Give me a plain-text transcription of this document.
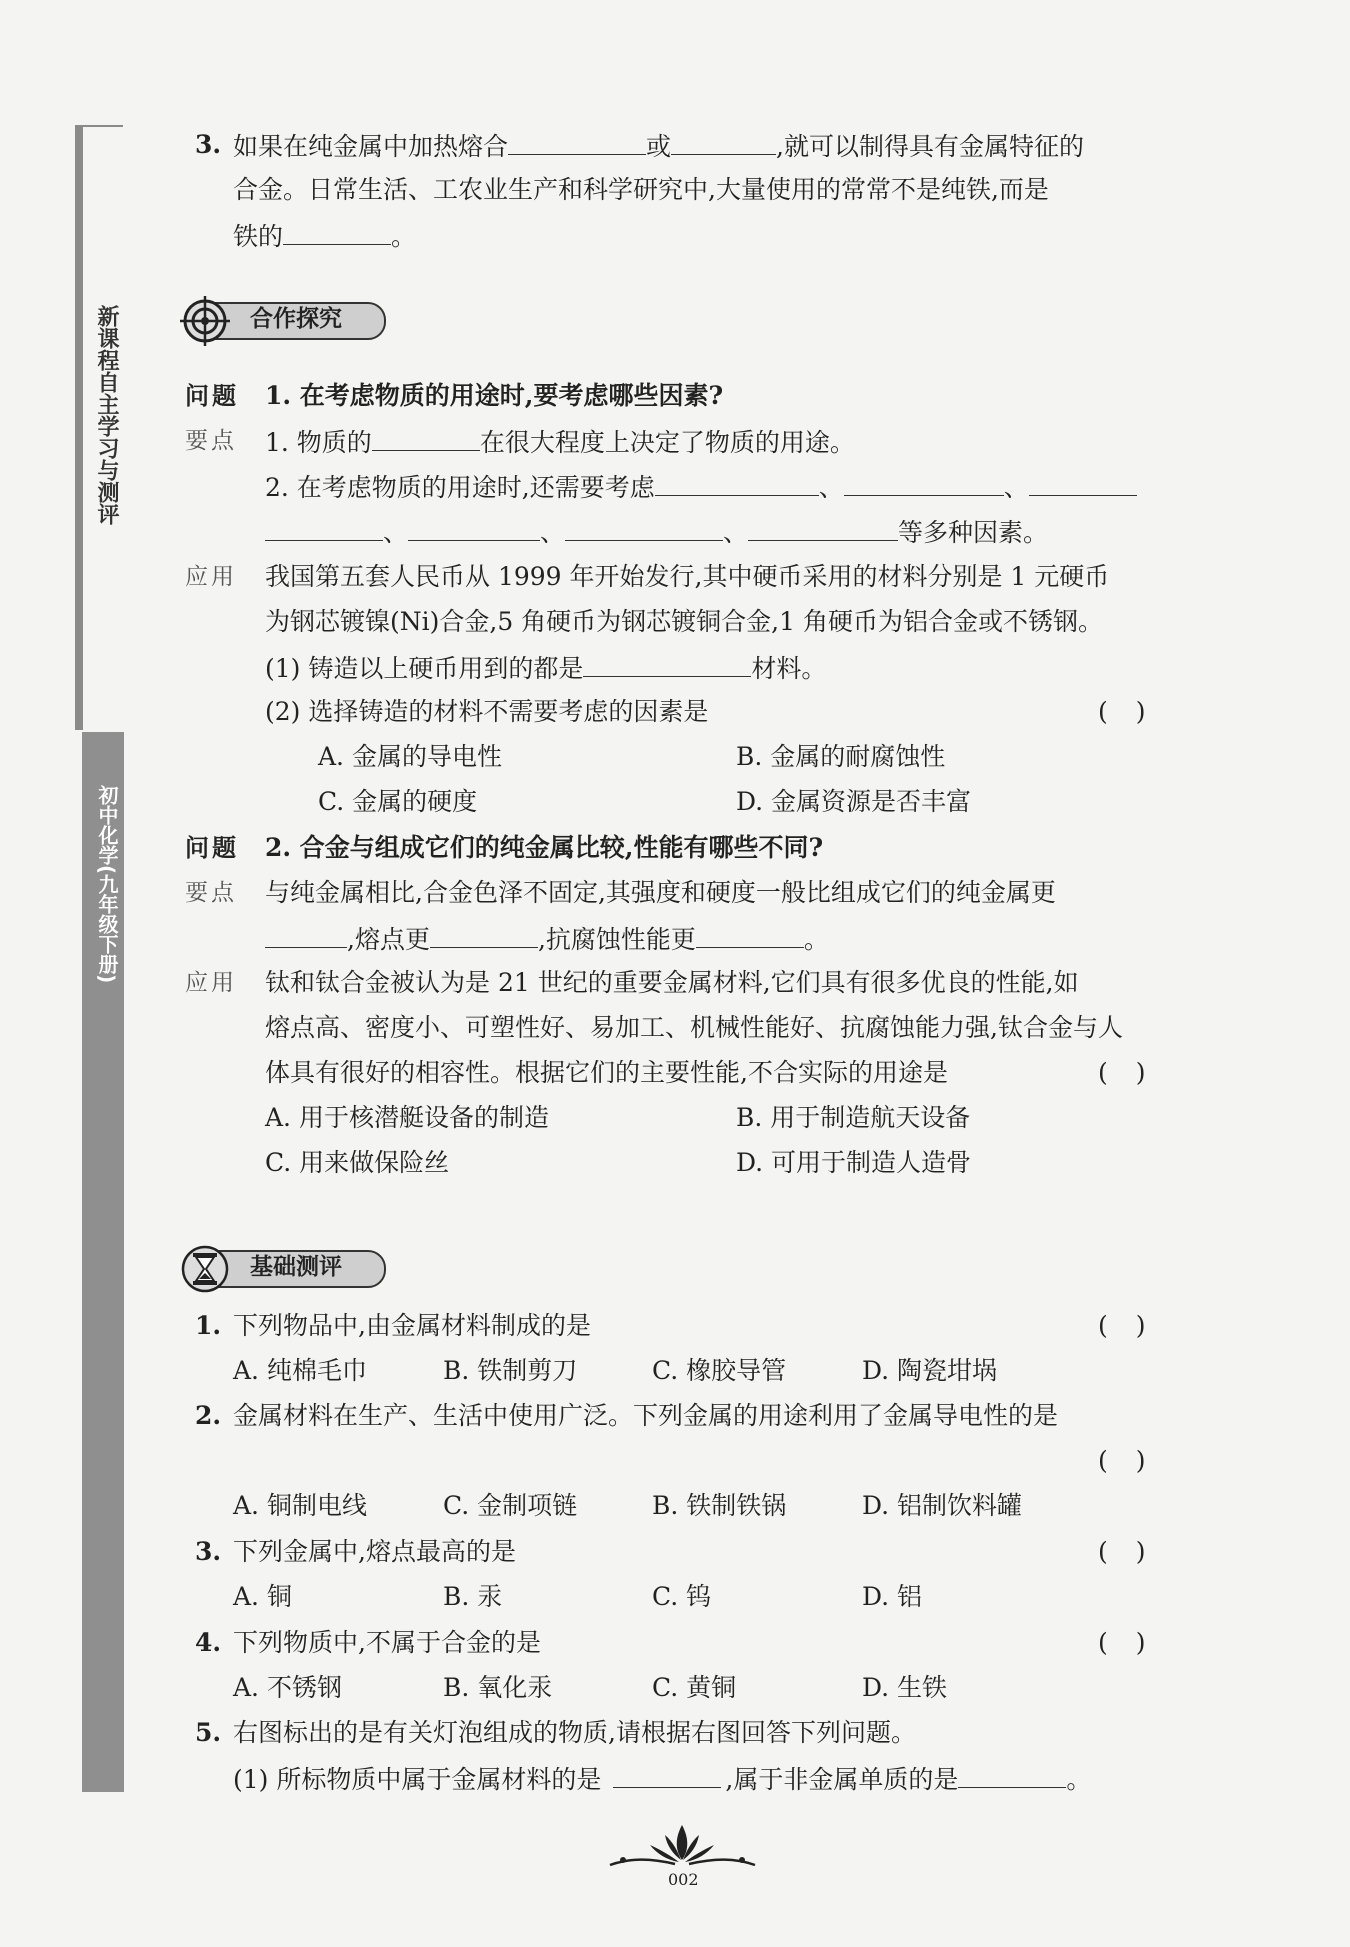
新课程自主学习与测评
初中化学(九年级下册)
3. 如果在纯金属中加热熔合	或	,就可以制得具有金属特征的
合金。日常生活、工农业生产和科学研究中,大量使用的常常不是纯铁,而是
铁的	。
合作探究
问题 1. 在考虑物质的用途时,要考虑哪些因素?
要点 1. 物质的	在很大程度上决定了物质的用途。
2. 在考虑物质的用途时,还需要考虑	、	、
、	、	、	等多种因素。
应用 我国第五套人民币从 1999 年开始发行,其中硬币采用的材料分别是 1 元硬币
为钢芯镀镍(Ni)合金,5 角硬币为钢芯镀铜合金,1 角硬币为铝合金或不锈钢。
(1) 铸造以上硬币用到的都是	材料。
(2) 选择铸造的材料不需要考虑的因素是	()
A. 金属的导电性	B. 金属的耐腐蚀性
C. 金属的硬度	D. 金属资源是否丰富
问题 2. 合金与组成它们的纯金属比较,性能有哪些不同?
要点 与纯金属相比,合金色泽不固定,其强度和硬度一般比组成它们的纯金属更
,熔点更	,抗腐蚀性能更	。
应用 钛和钛合金被认为是 21 世纪的重要金属材料,它们具有很多优良的性能,如
熔点高、密度小、可塑性好、易加工、机械性能好、抗腐蚀能力强,钛合金与人
体具有很好的相容性。根据它们的主要性能,不合实际的用途是	()
A. 用于核潜艇设备的制造	B. 用于制造航天设备
C. 用来做保险丝	D. 可用于制造人造骨
基础测评
1. 下列物品中,由金属材料制成的是	()
A. 纯棉毛巾	B. 铁制剪刀	C. 橡胶导管	D. 陶瓷坩埚
2. 金属材料在生产、生活中使用广泛。下列金属的用途利用了金属导电性的是
()
A. 铜制电线	C. 金制项链	B. 铁制铁锅	D. 铝制饮料罐
3. 下列金属中,熔点最高的是	()
A. 铜	B. 汞	C. 钨	D. 铝
4. 下列物质中,不属于合金的是	()
A. 不锈钢	B. 氧化汞	C. 黄铜	D. 生铁
5. 右图标出的是有关灯泡组成的物质,请根据右图回答下列问题。
(1) 所标物质中属于金属材料的是	,属于非金属单质的是	。
002
